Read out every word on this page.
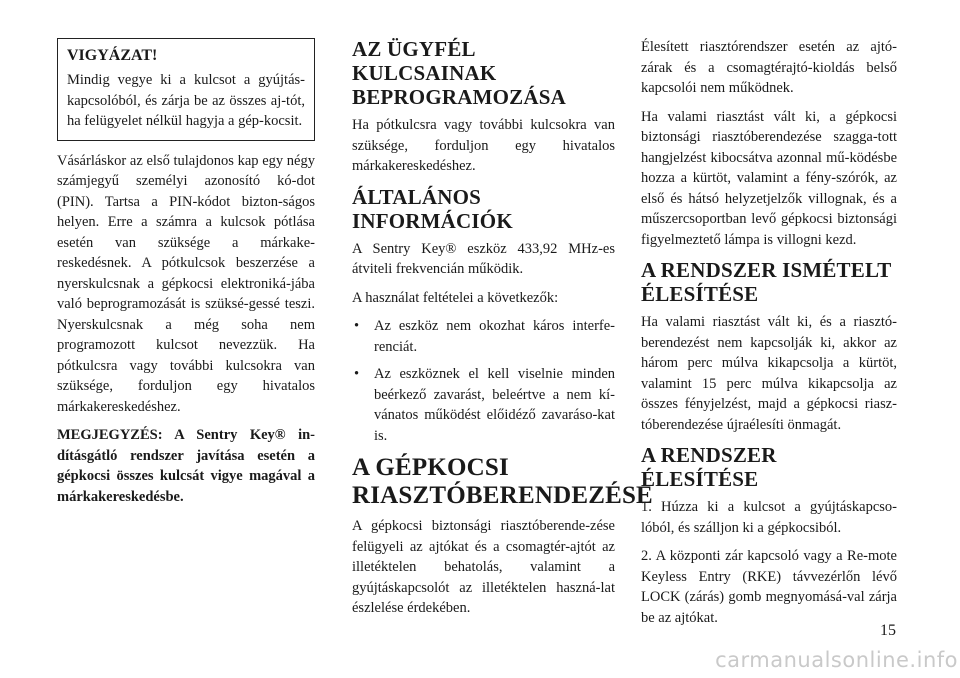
VIGYÁZAT!

Mindig vegye ki a kulcsot a gyújtás-kapcsolóból, és zárja be az összes aj-tót, ha felügyelet nélkül hagyja a gép-kocsit.

Vásárláskor az első tulajdonos kap egy négy számjegyű személyi azonosító kó-dot (PIN). Tartsa a PIN-kódot bizton-ságos helyen. Erre a számra a kulcsok pótlása esetén van szüksége a márkake-reskedésnek. A pótkulcsok beszerzése a nyerskulcsnak a gépkocsi elektroniká-jába való beprogramozását is szüksé-gessé teszi. Nyerskulcsnak a még soha nem programozott kulcsot nevezzük. Ha pótkulcsra vagy további kulcsokra van szüksége, forduljon egy hivatalos márkakereskedéshez.

MEGJEGYZÉS: A Sentry Key® in-dításgátló rendszer javítása esetén a gépkocsi összes kulcsát vigye magával a márkakereskedésbe.

AZ ÜGYFÉL KULCSAINAK BEPROGRAMOZÁSA

Ha pótkulcsra vagy további kulcsokra van szüksége, forduljon egy hivatalos márkakereskedéshez.

ÁLTALÁNOS INFORMÁCIÓK

A Sentry Key® eszköz 433,92 MHz-es átviteli frekvencián működik.

A használat feltételei a következők:

• Az eszköz nem okozhat káros interfe-renciát.
• Az eszköznek el kell viselnie minden beérkező zavarást, beleértve a nem kí-vánatos működést előidéző zavaráso-kat is.
A GÉPKOCSI RIASZTÓBERENDEZÉSE

A gépkocsi biztonsági riasztóberende-zése felügyeli az ajtókat és a csomagtér-ajtót az illetéktelen behatolás, valamint a gyújtáskapcsolót az illetéktelen haszná-lat észlelése érdekében.

Élesített riasztórendszer esetén az ajtó-zárak és a csomagtérajtó-kioldás belső kapcsolói nem működnek.

Ha valami riasztást vált ki, a gépkocsi biztonsági riasztóberendezése szagga-tott hangjelzést kibocsátva azonnal mű-ködésbe hozza a kürtöt, valamint a fény-szórók, az első és hátsó helyzetjelzők villognak, és a műszercsoportban levő gépkocsi biztonsági figyelmeztető lámpa is villogni kezd.

A RENDSZER ISMÉTELT ÉLESÍTÉSE

Ha valami riasztást vált ki, és a riasztó-berendezést nem kapcsolják ki, akkor az három perc múlva kikapcsolja a kürtöt, valamint 15 perc múlva kikapcsolja az összes fényjelzést, majd a gépkocsi riasz-tóberendezése újraélesíti önmagát.

A RENDSZER ÉLESÍTÉSE
1. Húzza ki a kulcsot a gyújtáskapcso-lóból, és szálljon ki a gépkocsiból.
2. A központi zár kapcsoló vagy a Re-mote Keyless Entry (RKE) távvezérlőn lévő LOCK (zárás) gomb megnyomásá-val zárja be az ajtókat.
15
carmanualsonline.info
